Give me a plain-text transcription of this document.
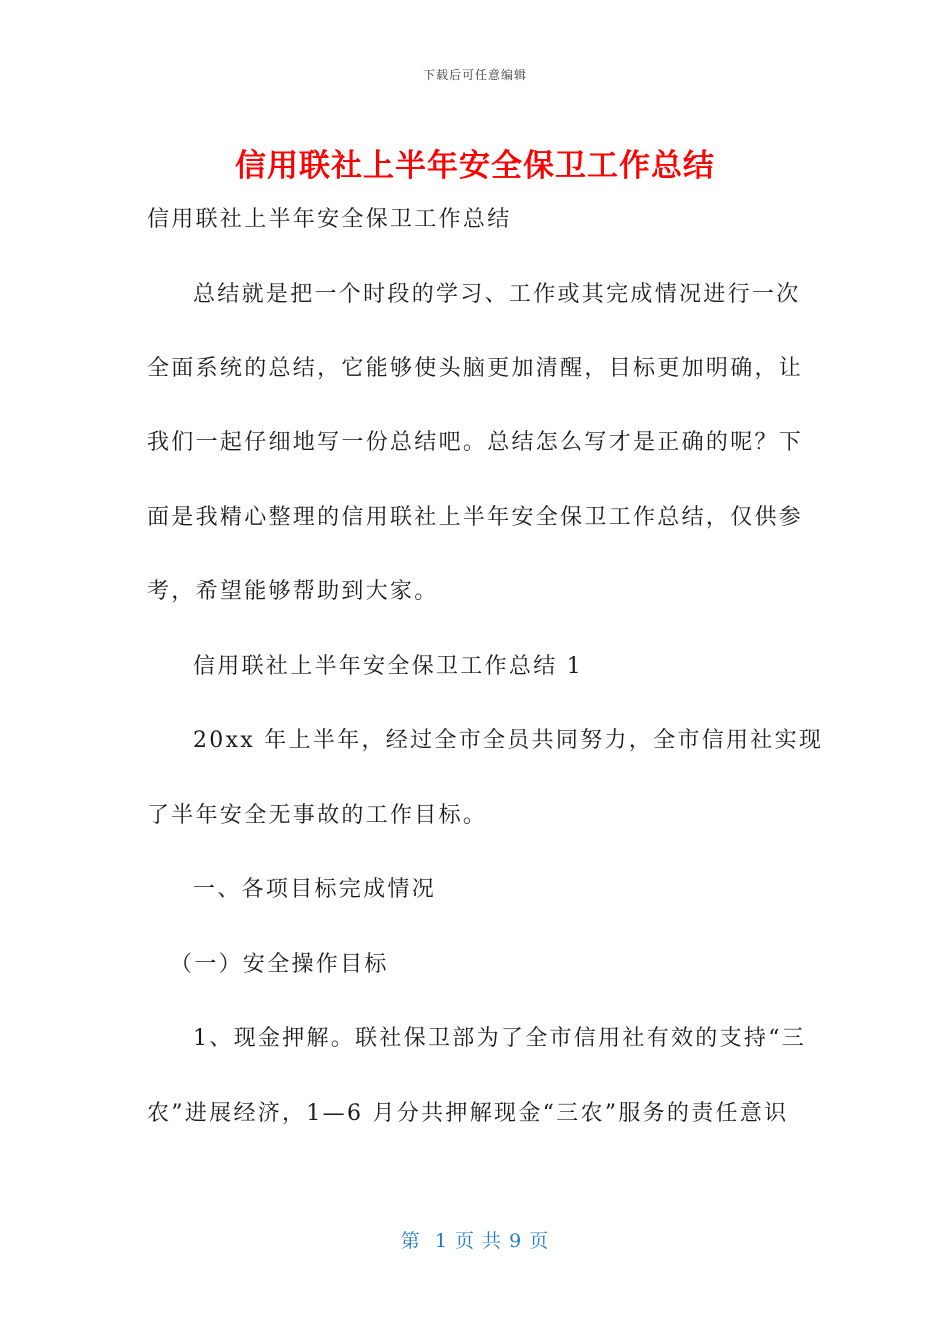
下载后可任意编辑
信用联社上半年安全保卫工作总结
信用联社上半年安全保卫工作总结
总结就是把一个时段的学习、工作或其完成情况进行一次
全面系统的总结，它能够使头脑更加清醒，目标更加明确，让
我们一起仔细地写一份总结吧。总结怎么写才是正确的呢？下
面是我精心整理的信用联社上半年安全保卫工作总结，仅供参
考，希望能够帮助到大家。
信用联社上半年安全保卫工作总结 1
20xx 年上半年，经过全市全员共同努力，全市信用社实现
了半年安全无事故的工作目标。
一、各项目标完成情况
（一）安全操作目标
1、现金押解。联社保卫部为了全市信用社有效的支持“三
农”进展经济，1—6 月分共押解现金“三农”服务的责任意识
第  1 页 共 9 页
